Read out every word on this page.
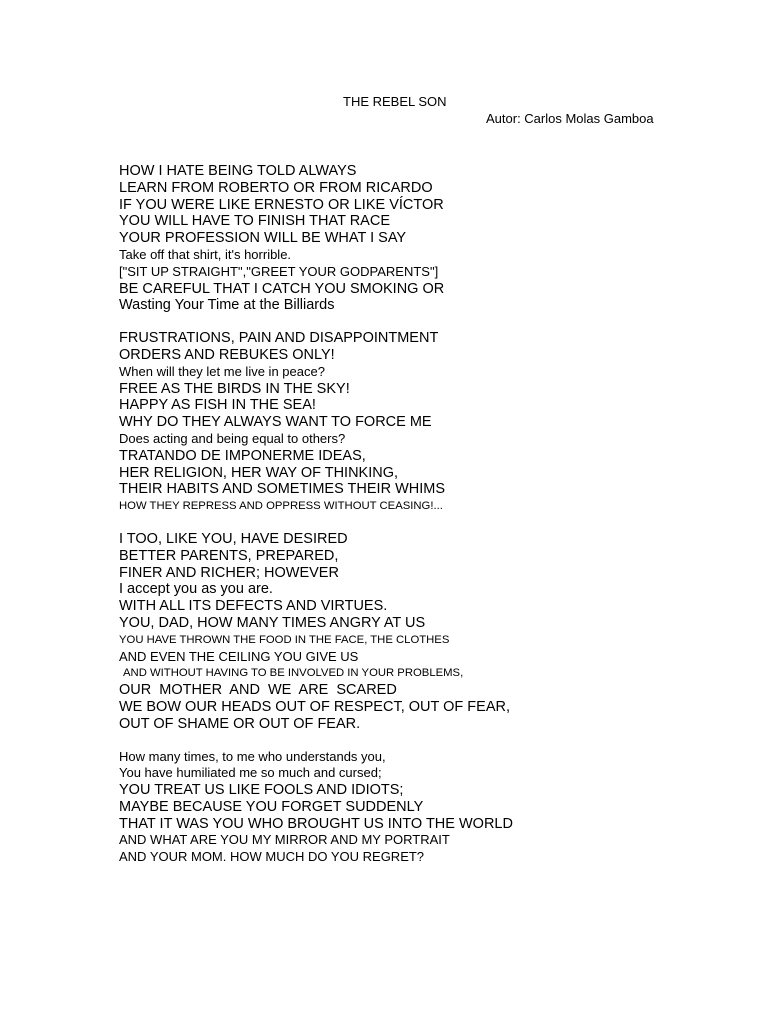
THE REBEL SON
Autor: Carlos Molas Gamboa
HOW I HATE BEING TOLD ALWAYS
LEARN FROM ROBERTO OR FROM RICARDO
IF YOU WERE LIKE ERNESTO OR LIKE VÍCTOR
YOU WILL HAVE TO FINISH THAT RACE
YOUR PROFESSION WILL BE WHAT I SAY
Take off that shirt, it's horrible.
["SIT UP STRAIGHT","GREET YOUR GODPARENTS"]
BE CAREFUL THAT I CATCH YOU SMOKING OR
Wasting Your Time at the Billiards
FRUSTRATIONS, PAIN AND DISAPPOINTMENT
ORDERS AND REBUKES ONLY!
When will they let me live in peace?
FREE AS THE BIRDS IN THE SKY!
HAPPY AS FISH IN THE SEA!
WHY DO THEY ALWAYS WANT TO FORCE ME
Does acting and being equal to others?
TRATANDO DE IMPONERME IDEAS,
HER RELIGION, HER WAY OF THINKING,
THEIR HABITS AND SOMETIMES THEIR WHIMS
HOW THEY REPRESS AND OPPRESS WITHOUT CEASING!...
I TOO, LIKE YOU, HAVE DESIRED
BETTER PARENTS, PREPARED,
FINER AND RICHER; HOWEVER
I accept you as you are.
WITH ALL ITS DEFECTS AND VIRTUES.
YOU, DAD, HOW MANY TIMES ANGRY AT US
YOU HAVE THROWN THE FOOD IN THE FACE, THE CLOTHES
AND EVEN THE CEILING YOU GIVE US
AND WITHOUT HAVING TO BE INVOLVED IN YOUR PROBLEMS,
OUR MOTHER AND WE ARE SCARED
WE BOW OUR HEADS OUT OF RESPECT, OUT OF FEAR,
OUT OF SHAME OR OUT OF FEAR.
How many times, to me who understands you,
You have humiliated me so much and cursed;
YOU TREAT US LIKE FOOLS AND IDIOTS;
MAYBE BECAUSE YOU FORGET SUDDENLY
THAT IT WAS YOU WHO BROUGHT US INTO THE WORLD
AND WHAT ARE YOU MY MIRROR AND MY PORTRAIT
AND YOUR MOM. HOW MUCH DO YOU REGRET?
